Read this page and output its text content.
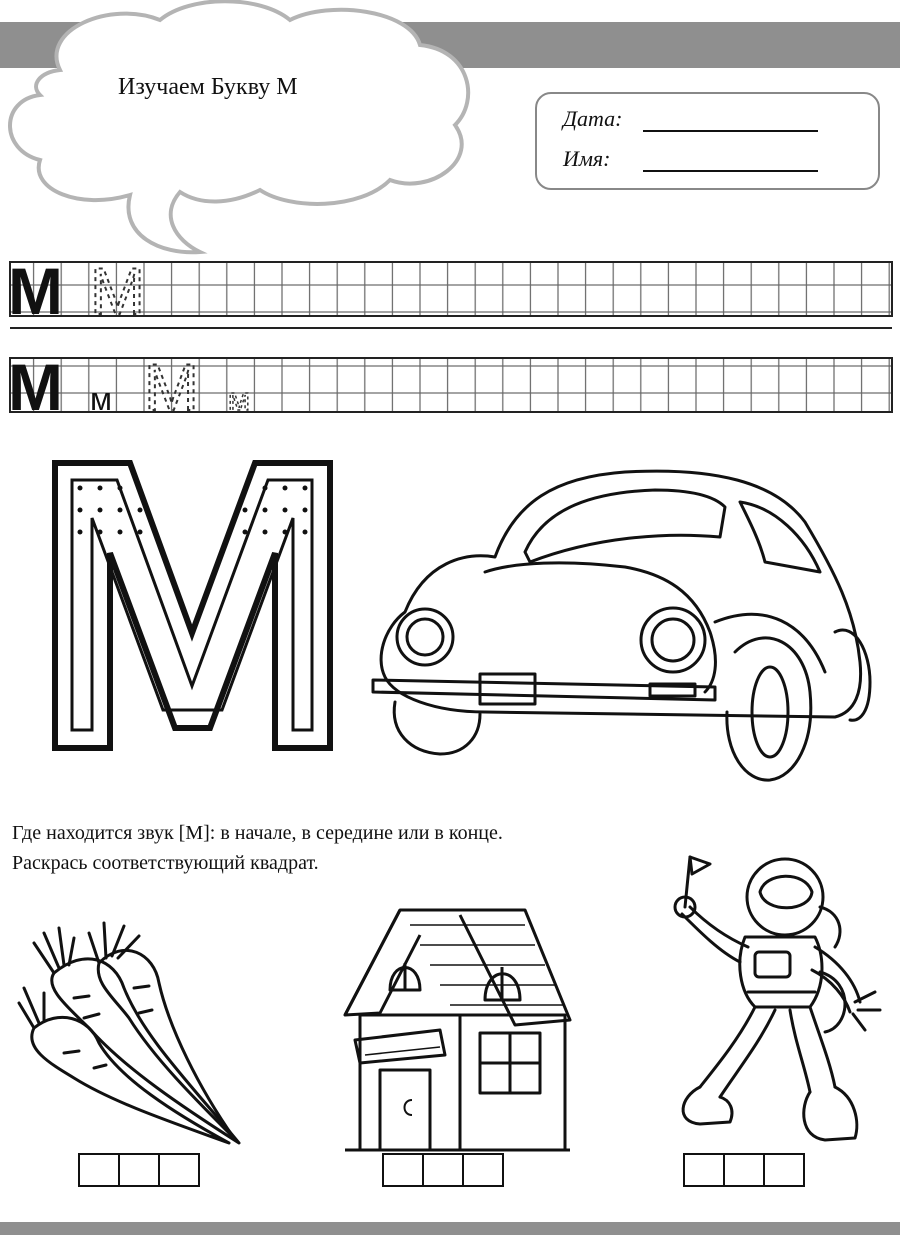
Изучаем Букву М
Дата:
Имя:
М М
М м М м
Где находится звук [М]: в начале, в середине или в конце.
Раскрась соответствующий квадрат.
